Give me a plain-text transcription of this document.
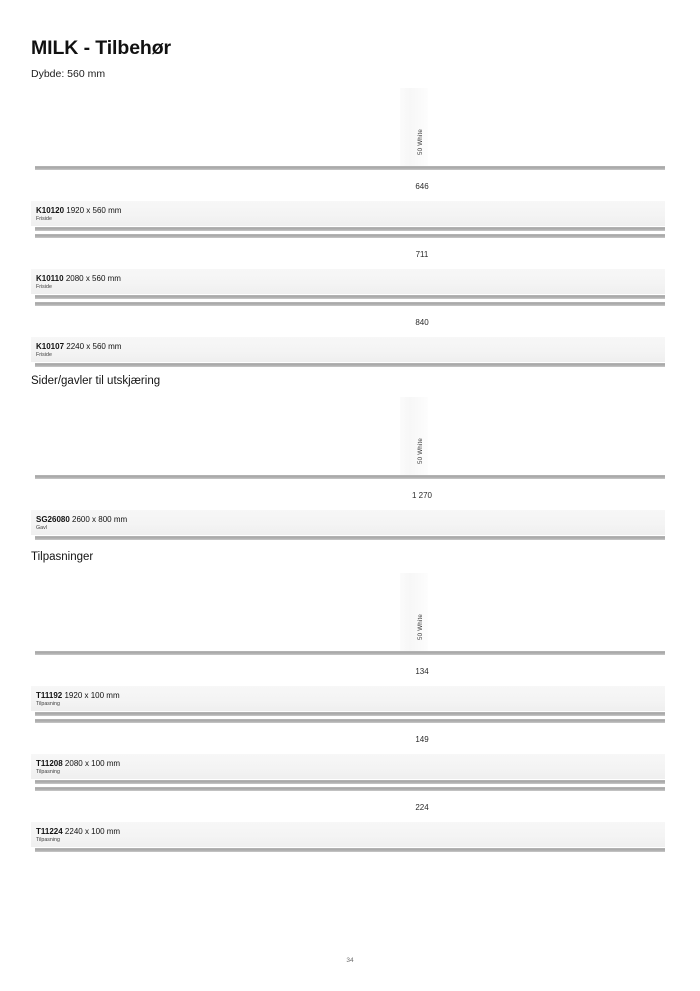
MILK - Tilbehør
Dybde: 560 mm
50 White
646
K10120 1920 x 560 mm
Friside
711
K10110 2080 x 560 mm
Friside
840
K10107 2240 x 560 mm
Friside
Sider/gavler til utskjæring
50 White
1 270
SG26080 2600 x 800 mm
Gavl
Tilpasninger
50 White
134
T11192 1920 x 100 mm
Tilpasning
149
T11208 2080 x 100 mm
Tilpasning
224
T11224 2240 x 100 mm
Tilpasning
34
